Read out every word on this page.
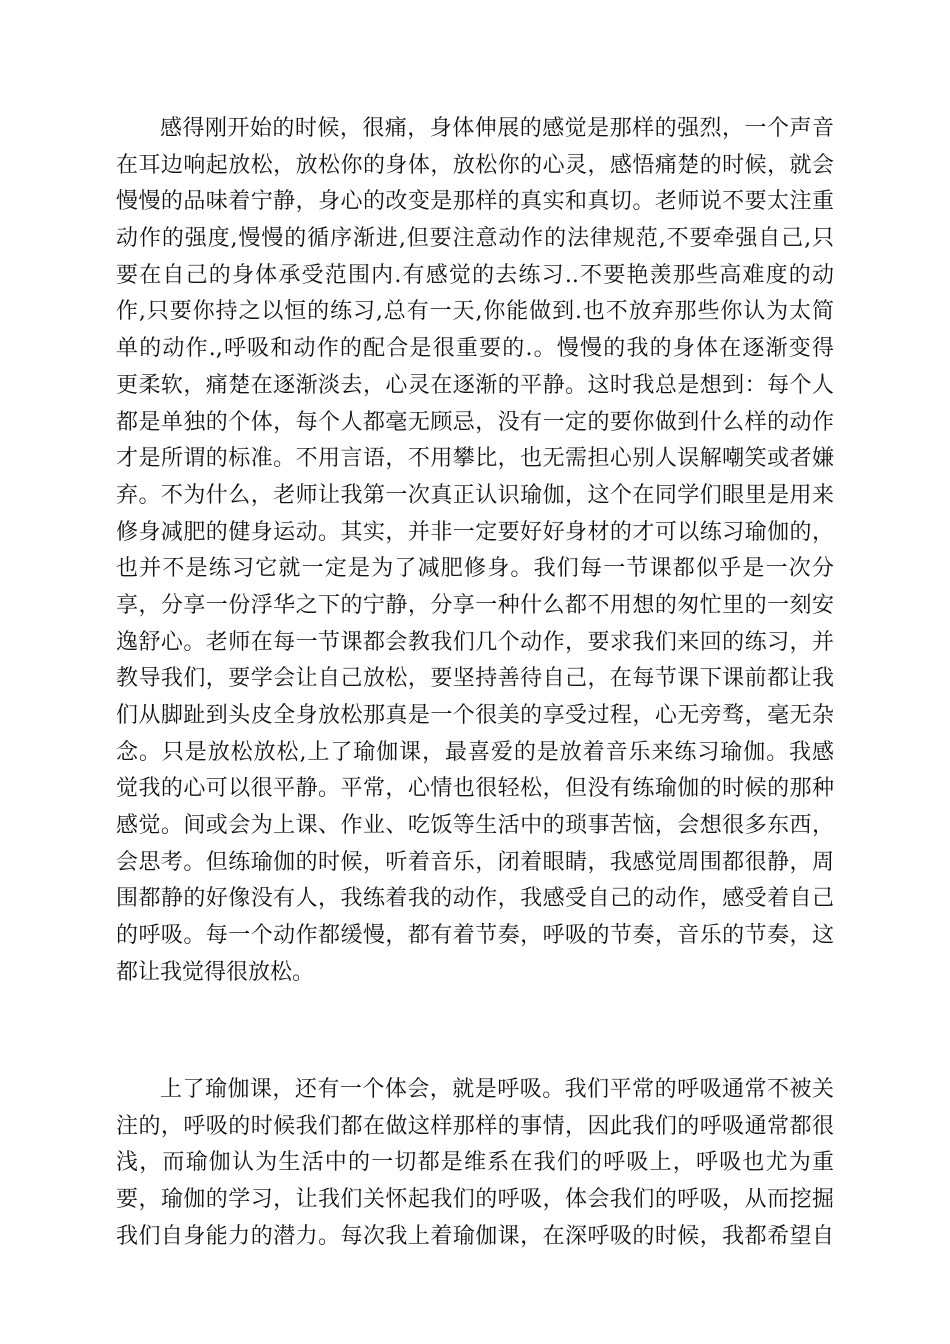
感得刚开始的时候，很痛，身体伸展的感觉是那样的强烈，一个声音
在耳边响起放松，放松你的身体，放松你的心灵，感悟痛楚的时候，就会
慢慢的品味着宁静，身心的改变是那样的真实和真切。老师说不要太注重
动作的强度,慢慢的循序渐进,但要注意动作的法律规范,不要牵强自己,只
要在自己的身体承受范围内.有感觉的去练习..不要艳羡那些高难度的动
作,只要你持之以恒的练习,总有一天,你能做到.也不放弃那些你认为太简
单的动作.,呼吸和动作的配合是很重要的.。慢慢的我的身体在逐渐变得
更柔软，痛楚在逐渐淡去，心灵在逐渐的平静。这时我总是想到：每个人
都是单独的个体，每个人都毫无顾忌，没有一定的要你做到什么样的动作
才是所谓的标准。不用言语，不用攀比，也无需担心别人误解嘲笑或者嫌
弃。不为什么，老师让我第一次真正认识瑜伽，这个在同学们眼里是用来
修身减肥的健身运动。其实，并非一定要好好身材的才可以练习瑜伽的，
也并不是练习它就一定是为了减肥修身。我们每一节课都似乎是一次分
享，分享一份浮华之下的宁静，分享一种什么都不用想的匆忙里的一刻安
逸舒心。老师在每一节课都会教我们几个动作，要求我们来回的练习，并
教导我们，要学会让自己放松，要坚持善待自己，在每节课下课前都让我
们从脚趾到头皮全身放松那真是一个很美的享受过程，心无旁骛，毫无杂
念。只是放松放松,上了瑜伽课，最喜爱的是放着音乐来练习瑜伽。我感
觉我的心可以很平静。平常，心情也很轻松，但没有练瑜伽的时候的那种
感觉。间或会为上课、作业、吃饭等生活中的琐事苦恼，会想很多东西，
会思考。但练瑜伽的时候，听着音乐，闭着眼睛，我感觉周围都很静，周
围都静的好像没有人，我练着我的动作，我感受自己的动作，感受着自己
的呼吸。每一个动作都缓慢，都有着节奏，呼吸的节奏，音乐的节奏，这
都让我觉得很放松。
上了瑜伽课，还有一个体会，就是呼吸。我们平常的呼吸通常不被关
注的，呼吸的时候我们都在做这样那样的事情，因此我们的呼吸通常都很
浅，而瑜伽认为生活中的一切都是维系在我们的呼吸上，呼吸也尤为重
要，瑜伽的学习，让我们关怀起我们的呼吸，体会我们的呼吸，从而挖掘
我们自身能力的潜力。每次我上着瑜伽课，在深呼吸的时候，我都希望自
